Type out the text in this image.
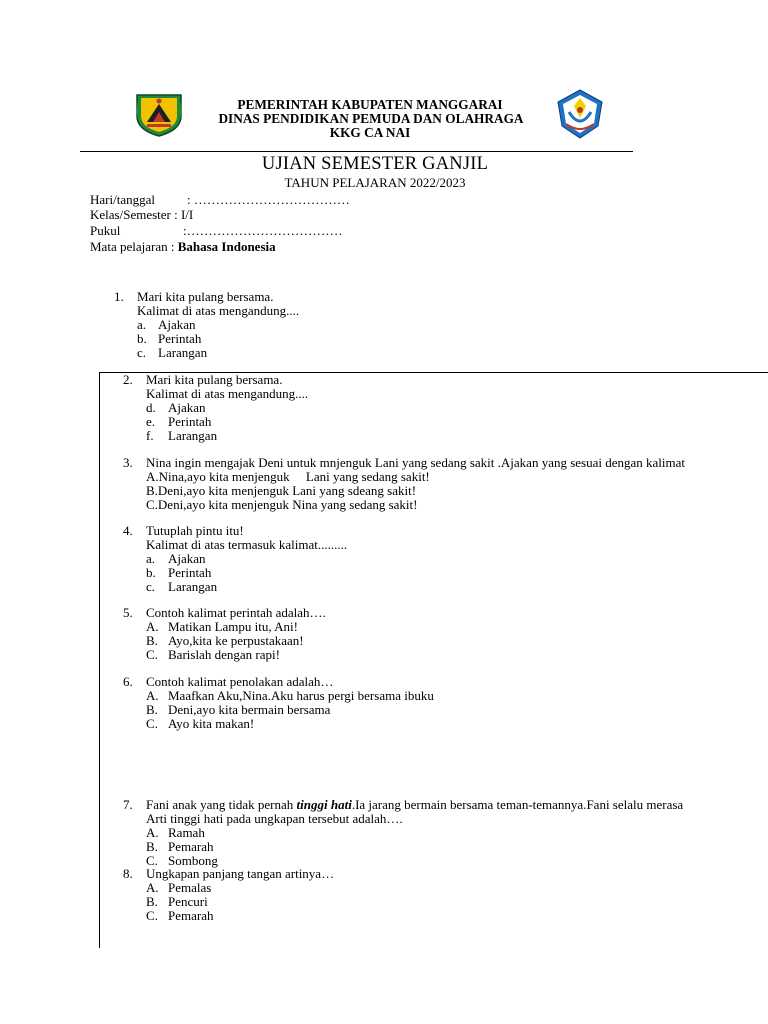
PEMERINTAH KABUPATEN MANGGARAI
DINAS PENDIDIKAN PEMUDA DAN OLAHRAGA
KKG CA NAI
UJIAN SEMESTER GANJIL
TAHUN PELAJARAN 2022/2023
Hari/tanggal : ………………………………
Kelas/Semester : I/I
Pukul	:………………………………
Mata pelajaran : Bahasa Indonesia
1. Mari kita pulang bersama.
Kalimat di atas mengandung....
a. Ajakan
b. Perintah
c. Larangan
2. Mari kita pulang bersama.
Kalimat di atas mengandung....
d. Ajakan
e. Perintah
f. Larangan
3. Nina ingin mengajak Deni untuk mnjenguk Lani yang sedang sakit .Ajakan yang sesuai dengan kalimat
A.Nina,ayo kita menjenguk     Lani yang sedang sakit!
B.Deni,ayo kita menjenguk Lani yang sdeang sakit!
C.Deni,ayo kita menjenguk Nina yang sedang sakit!
4. Tutuplah pintu itu!
Kalimat di atas termasuk kalimat.........
a. Ajakan
b. Perintah
c. Larangan
5. Contoh kalimat perintah adalah….
A. Matikan Lampu itu, Ani!
B. Ayo,kita ke perpustakaan!
C. Barislah dengan rapi!
6. Contoh kalimat penolakan adalah…
A. Maafkan Aku,Nina.Aku harus pergi bersama ibuku
B. Deni,ayo kita bermain bersama
C. Ayo kita makan!
7. Fani anak yang tidak pernah tinggi hati.Ia jarang bermain bersama teman-temannya.Fani selalu merasa
Arti tinggi hati pada ungkapan tersebut adalah….
A. Ramah
B. Pemarah
C. Sombong
8. Ungkapan panjang tangan artinya…
A. Pemalas
B. Pencuri
C. Pemarah
